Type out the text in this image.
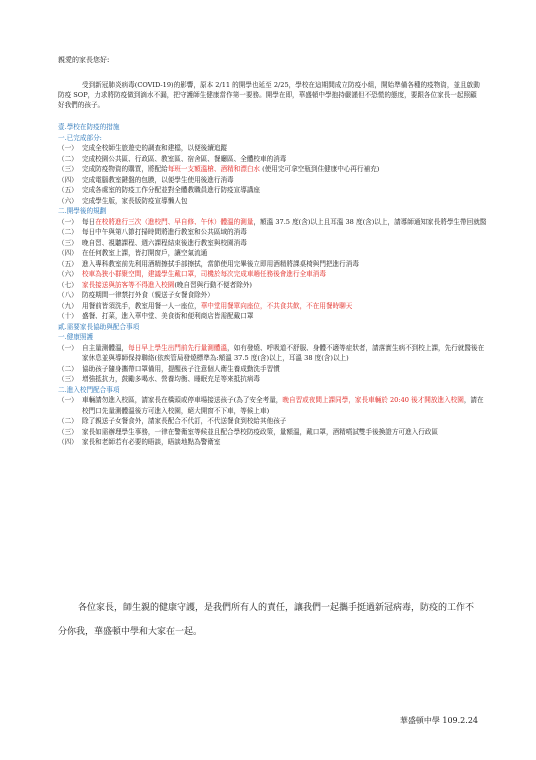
親愛的家長您好:
受到新冠肺炎病毒(COVID-19)的影響，原本 2/11 的開學也延至 2/25，學校在這期間成立防疫小組，開始準備各種的疫物資，並且啟動防疫 SOP，力求將防疫做到滴水不漏，把守護師生健康當作第一要務。開學在即，華盛頓中學抱持嚴謹但不恐慌的態度，要跟各位家長一起照顧好我們的孩子。
壹.學校在防疫的措施
一.已完成部分:
（一） 完成全校師生旅遊史的調查和建檔，以便後續追蹤
（二） 完成校園公共區、行政區、教室區、宿舍區、餐廳區、全體校車的消毒
（三） 完成防疫物資的購買，將配給每班一支額溫槍、酒精和漂白水 (使用完可拿空瓶到住健康中心再行補充)
（四） 完成電腦教室鍵盤的包膜，以便學生使用後進行消毒
（五） 完成各處室的防疫工作分配並對全體教職員進行防疫宣導講座
（六） 完成學生版，家長版防疫宣導懶人包
二.開學後的規劃
（一） 每日在校將進行三次（進校門、早自修、午休）體溫的測量，額溫 37.5 度(含)以上且耳溫 38 度(含)以上，請導師通知家長將學生帶回就醫
（二） 每日中午與第八節打掃時間將進行教室和公共區域的消毒
（三） 晚自習、視聽課程、週六課程結束後進行教室與校園消毒
（四） 在任何教室上課，皆打開窗戶，讓空氣流通
（五） 進入專科教室前先利用酒精擦拭手部擦拭，當節使用完畢後立即用酒精將課桌椅與門把進行消毒
（六） 校車為狹小群聚空間，建議學生戴口罩，司機於每次完成車趟任務後會進行全車消毒
（七） 家長接送與訪客等不得進入校園(晚自習與行動不便者除外)
（八） 防疫期間一律禁打外食（親送子女餐食除外）
（九） 用餐前皆須洗手，教室用餐一人一座位，華中堂用餐單向座位，不共食共飲，不在用餐時聊天
（十） 盛餐、打菜，進入華中堂、美食街和便利商店皆需配戴口罩
貳.需要家長協助與配合事項
一.健康照護
（一） 自主量測體溫，每日早上學生出門前先行量測體溫，如有發燒、呼吸道不舒服、身體不適等症狀者，請落實生病不到校上課，先行就醫後在家休息並與導師保持聯絡(依疾管局發燒標準為:額溫 37.5 度(含)以上，耳溫 38 度(含)以上)
（二） 協助孩子隨身攜帶口罩備用，提醒孩子注意個人衛生養成勤洗手習慣
（三） 增強抵抗力，鼓勵多喝水、營養均衡、睡眠充足等來抵抗病毒
二.進入校門配合事項
（一） 車輛請勿進入校區，請家長在橋頭或停車場接送孩子(為了安全考量，晚自習或夜間上課同學，家長車輛於 20:40 後才開放進入校園，請在校門口先量測體溫後方可進入校園，絕大開窗不下車，等候上車)
（二） 除了親送子女餐食外，請家長配合不代訂，不代送餐食到校給其他孩子
（三） 家長如需辦理學生事務，一律在警衛室等候並且配合學校防疫政策，量額溫，戴口罩，酒精噴試雙手後換證方可進入行政區
（四） 家長和老師若有必要的晤談，晤談地點為警衛室
各位家長，師生親的健康守護，是我們所有人的責任，讓我們一起攜手挺過新冠病毒，防疫的工作不分你我，華盛頓中學和大家在一起。
華盛頓中學 109.2.24
